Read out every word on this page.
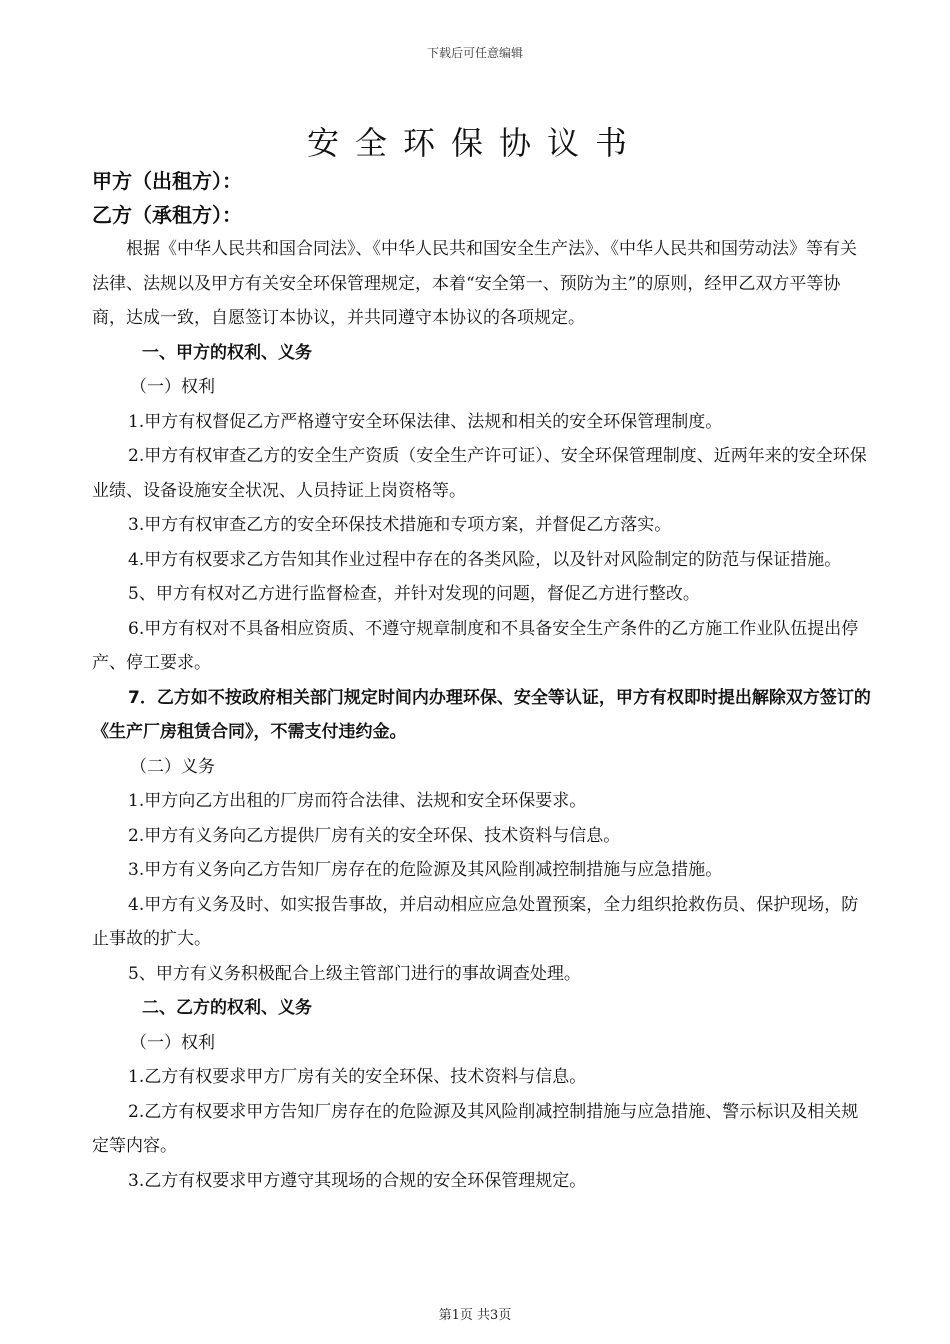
下载后可任意编辑
安全环保协议书
甲方（出租方）：
乙方（承租方）：

根据《中华人民共和国合同法》、《中华人民共和国安全生产法》、《中华人民共和国劳动法》等有关法律、法规以及甲方有关安全环保管理规定，本着“安全第一、预防为主”的原则，经甲乙双方平等协商，达成一致，自愿签订本协议，并共同遵守本协议的各项规定。

一、甲方的权利、义务

（一）权利

1.甲方有权督促乙方严格遵守安全环保法律、法规和相关的安全环保管理制度。

2.甲方有权审查乙方的安全生产资质（安全生产许可证）、安全环保管理制度、近两年来的安全环保业绩、设备设施安全状况、人员持证上岗资格等。

3.甲方有权审查乙方的安全环保技术措施和专项方案，并督促乙方落实。

4.甲方有权要求乙方告知其作业过程中存在的各类风险，以及针对风险制定的防范与保证措施。

5、甲方有权对乙方进行监督检查，并针对发现的问题，督促乙方进行整改。

6.甲方有权对不具备相应资质、不遵守规章制度和不具备安全生产条件的乙方施工作业队伍提出停产、停工要求。

7．乙方如不按政府相关部门规定时间内办理环保、安全等认证，甲方有权即时提出解除双方签订的《生产厂房租赁合同》，不需支付违约金。

（二）义务

1.甲方向乙方出租的厂房而符合法律、法规和安全环保要求。

2.甲方有义务向乙方提供厂房有关的安全环保、技术资料与信息。

3.甲方有义务向乙方告知厂房存在的危险源及其风险削减控制措施与应急措施。

4.甲方有义务及时、如实报告事故，并启动相应应急处置预案，全力组织抢救伤员、保护现场，防止事故的扩大。

5、甲方有义务积极配合上级主管部门进行的事故调查处理。

二、乙方的权利、义务

（一）权利

1.乙方有权要求甲方厂房有关的安全环保、技术资料与信息。

2.乙方有权要求甲方告知厂房存在的危险源及其风险削减控制措施与应急措施、警示标识及相关规定等内容。

3.乙方有权要求甲方遵守其现场的合规的安全环保管理规定。

第1页 共3页
